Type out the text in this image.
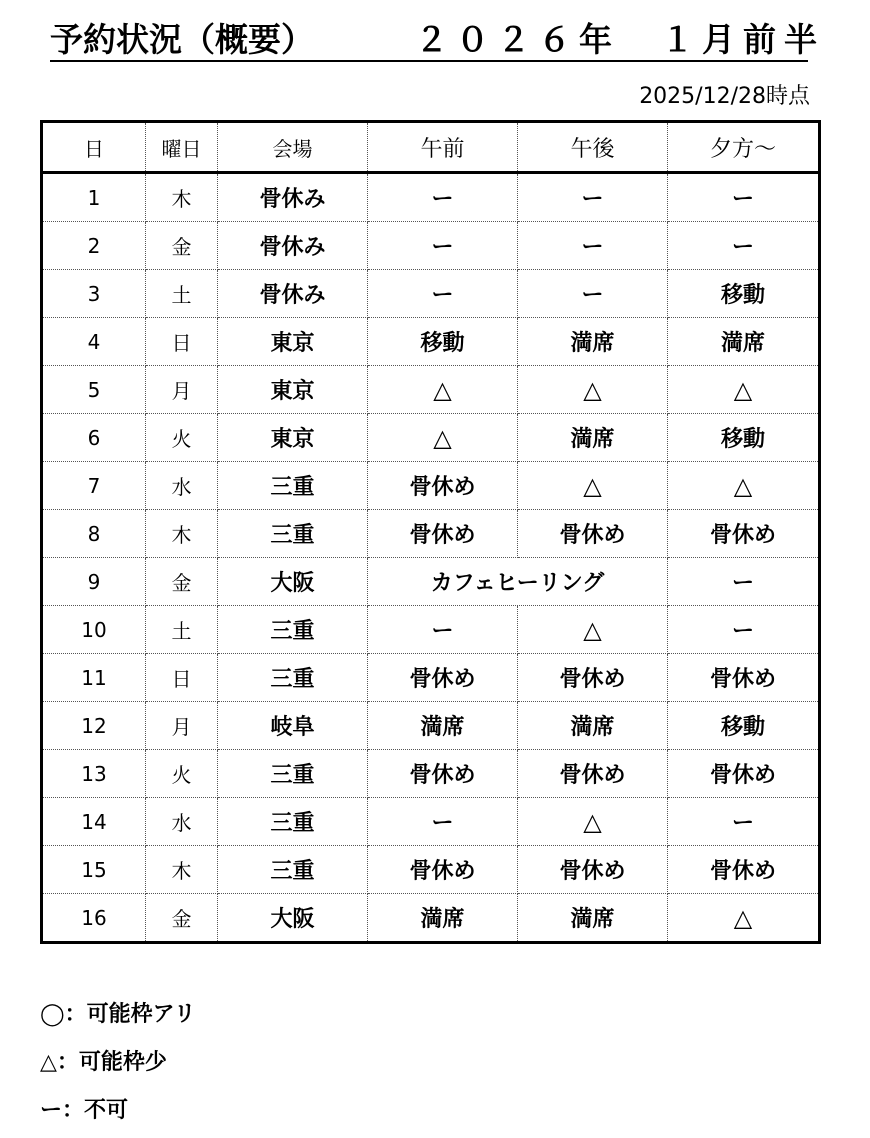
予約状況（概要）	２０２６年　１月前半
2025/12/28時点
日	曜日	会場	午前	午後	夕方～
1	木	骨休み	ー	ー	ー
2	金	骨休み	ー	ー	ー
3	土	骨休み	ー	ー	移動
4	日	東京	移動	満席	満席
5	月	東京	△	△	△
6	火	東京	△	満席	移動
7	水	三重	骨休め	△	△
8	木	三重	骨休め	骨休め	骨休め
9	金	大阪	カフェヒーリング		ー
10	土	三重	ー	△	ー
11	日	三重	骨休め	骨休め	骨休め
12	月	岐阜	満席	満席	移動
13	火	三重	骨休め	骨休め	骨休め
14	水	三重	ー	△	ー
15	木	三重	骨休め	骨休め	骨休め
16	金	大阪	満席	満席	△
◯：可能枠アリ
△：可能枠少
ー：不可
